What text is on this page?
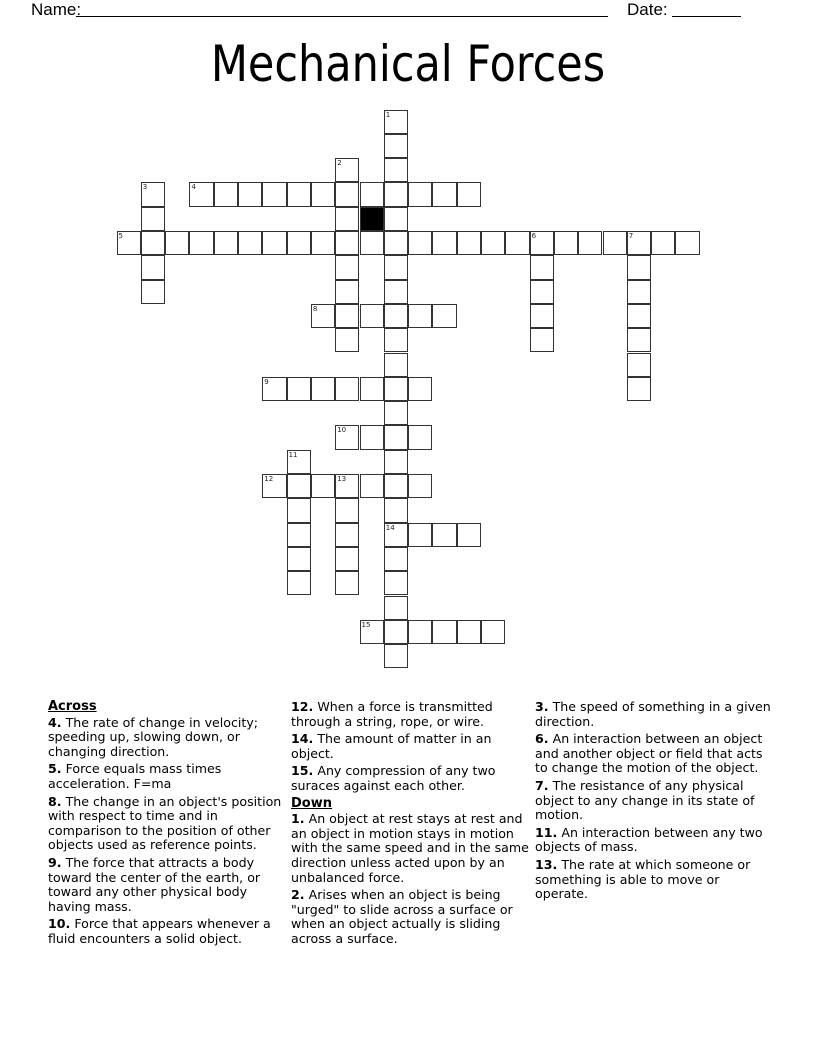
Name:	Date:
Mechanical Forces
1
14
2
3	4
5	6	7
8
9
10
11
12	13
15
Across
4. The rate of change in velocity; speeding up, slowing down, or changing direction.
5. Force equals mass times acceleration. F=ma
8. The change in an object's position with respect to time and in comparison to the position of other objects used as reference points.
9. The force that attracts a body toward the center of the earth, or toward any other physical body having mass.
10. Force that appears whenever a fluid encounters a solid object.
12. When a force is transmitted through a string, rope, or wire.
14. The amount of matter in an object.
15. Any compression of any two suraces against each other.
Down
1. An object at rest stays at rest and an object in motion stays in motion with the same speed and in the same direction unless acted upon by an unbalanced force.
2. Arises when an object is being "urged" to slide across a surface or when an object actually is sliding across a surface.
3. The speed of something in a given direction.
6. An interaction between an object and another object or field that acts to change the motion of the object.
7. The resistance of any physical object to any change in its state of motion.
11. An interaction between any two objects of mass.
13. The rate at which someone or something is able to move or operate.
